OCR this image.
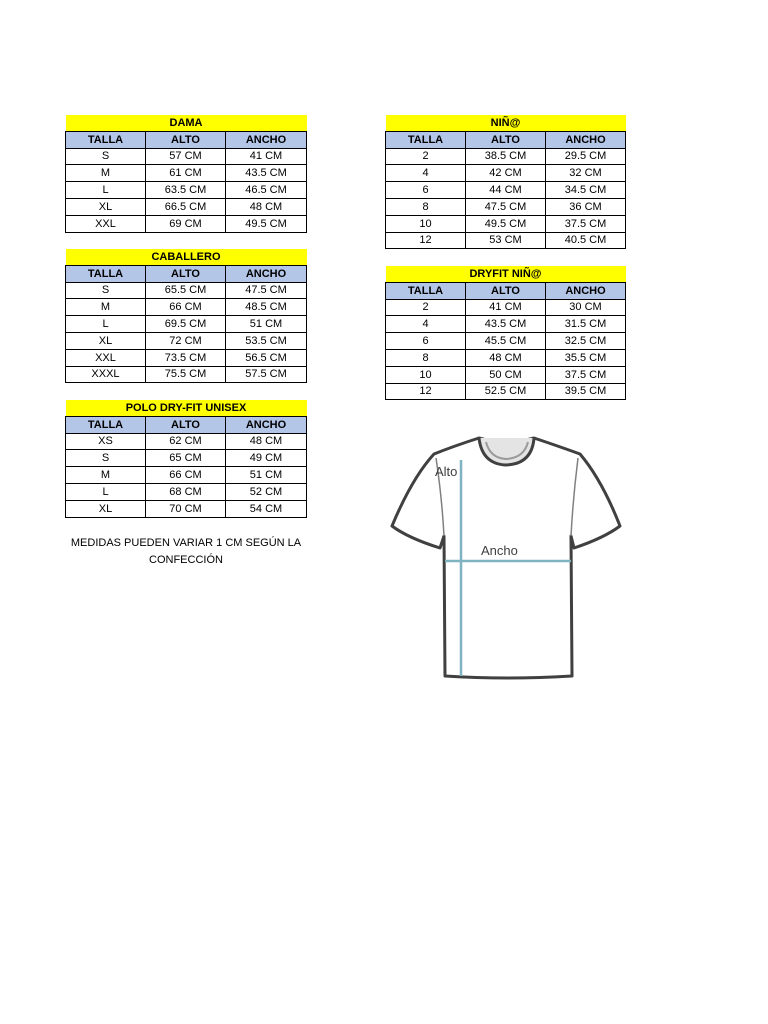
DAMA		
TALLA	ALTO	ANCHO
S	57 CM	41 CM
M	61 CM	43.5 CM
L	63.5 CM	46.5 CM
XL	66.5 CM	48 CM
XXL	69 CM	49.5 CM
CABALLERO		
TALLA	ALTO	ANCHO
S	65.5 CM	47.5 CM
M	66 CM	48.5 CM
L	69.5 CM	51 CM
XL	72 CM	53.5 CM
XXL	73.5 CM	56.5 CM
XXXL	75.5 CM	57.5 CM
POLO DRY-FIT UNISEX		
TALLA	ALTO	ANCHO
XS	62 CM	48 CM
S	65 CM	49 CM
M	66 CM	51 CM
L	68 CM	52 CM
XL	70 CM	54 CM
NIÑ@		
TALLA	ALTO	ANCHO
2	38.5 CM	29.5 CM
4	42 CM	32 CM
6	44 CM	34.5 CM
8	47.5 CM	36 CM
10	49.5 CM	37.5 CM
12	53 CM	40.5 CM
DRYFIT NIÑ@		
TALLA	ALTO	ANCHO
2	41 CM	30 CM
4	43.5 CM	31.5 CM
6	45.5 CM	32.5 CM
8	48 CM	35.5 CM
10	50 CM	37.5 CM
12	52.5 CM	39.5 CM
MEDIDAS PUEDEN VARIAR 1 CM SEGÚN LA CONFECCIÓN
Alto
Ancho
